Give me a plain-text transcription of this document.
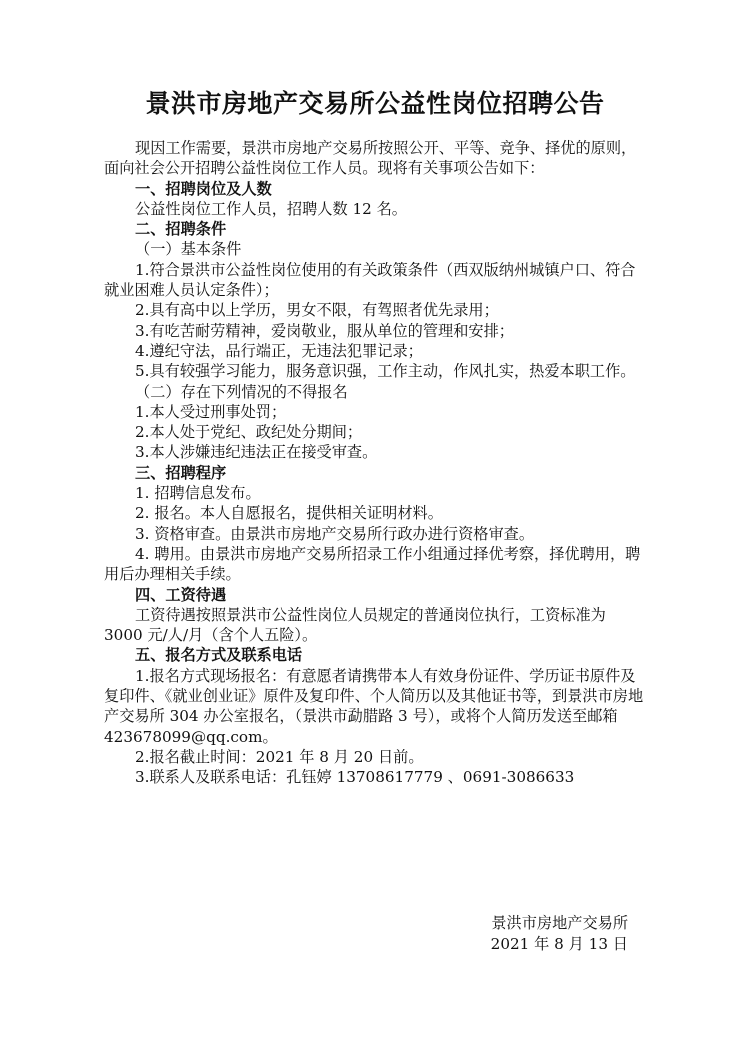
景洪市房地产交易所公益性岗位招聘公告

现因工作需要，景洪市房地产交易所按照公开、平等、竞争、择优的原则，面向社会公开招聘公益性岗位工作人员。现将有关事项公告如下：

一、招聘岗位及人数

公益性岗位工作人员，招聘人数 12 名。

二、招聘条件

（一）基本条件

1.符合景洪市公益性岗位使用的有关政策条件（西双版纳州城镇户口、符合就业困难人员认定条件）；

2.具有高中以上学历，男女不限，有驾照者优先录用；

3.有吃苦耐劳精神，爱岗敬业，服从单位的管理和安排；

4.遵纪守法，品行端正，无违法犯罪记录；

5.具有较强学习能力，服务意识强，工作主动，作风扎实，热爱本职工作。

（二）存在下列情况的不得报名

1.本人受过刑事处罚；

2.本人处于党纪、政纪处分期间；

3.本人涉嫌违纪违法正在接受审查。

三、招聘程序

1. 招聘信息发布。

2. 报名。本人自愿报名，提供相关证明材料。

3. 资格审查。由景洪市房地产交易所行政办进行资格审查。

4. 聘用。由景洪市房地产交易所招录工作小组通过择优考察，择优聘用，聘用后办理相关手续。

四、工资待遇

工资待遇按照景洪市公益性岗位人员规定的普通岗位执行，工资标准为 3000 元/人/月（含个人五险）。

五、报名方式及联系电话

1.报名方式现场报名：有意愿者请携带本人有效身份证件、学历证书原件及复印件、《就业创业证》原件及复印件、个人简历以及其他证书等，到景洪市房地产交易所 304 办公室报名，（景洪市勐腊路 3 号），或将个人简历发送至邮箱 423678099@qq.com。

2.报名截止时间：2021 年 8 月 20 日前。

3.联系人及联系电话：孔钰婷 13708617779 、0691-3086633

景洪市房地产交易所

2021 年 8 月 13 日
